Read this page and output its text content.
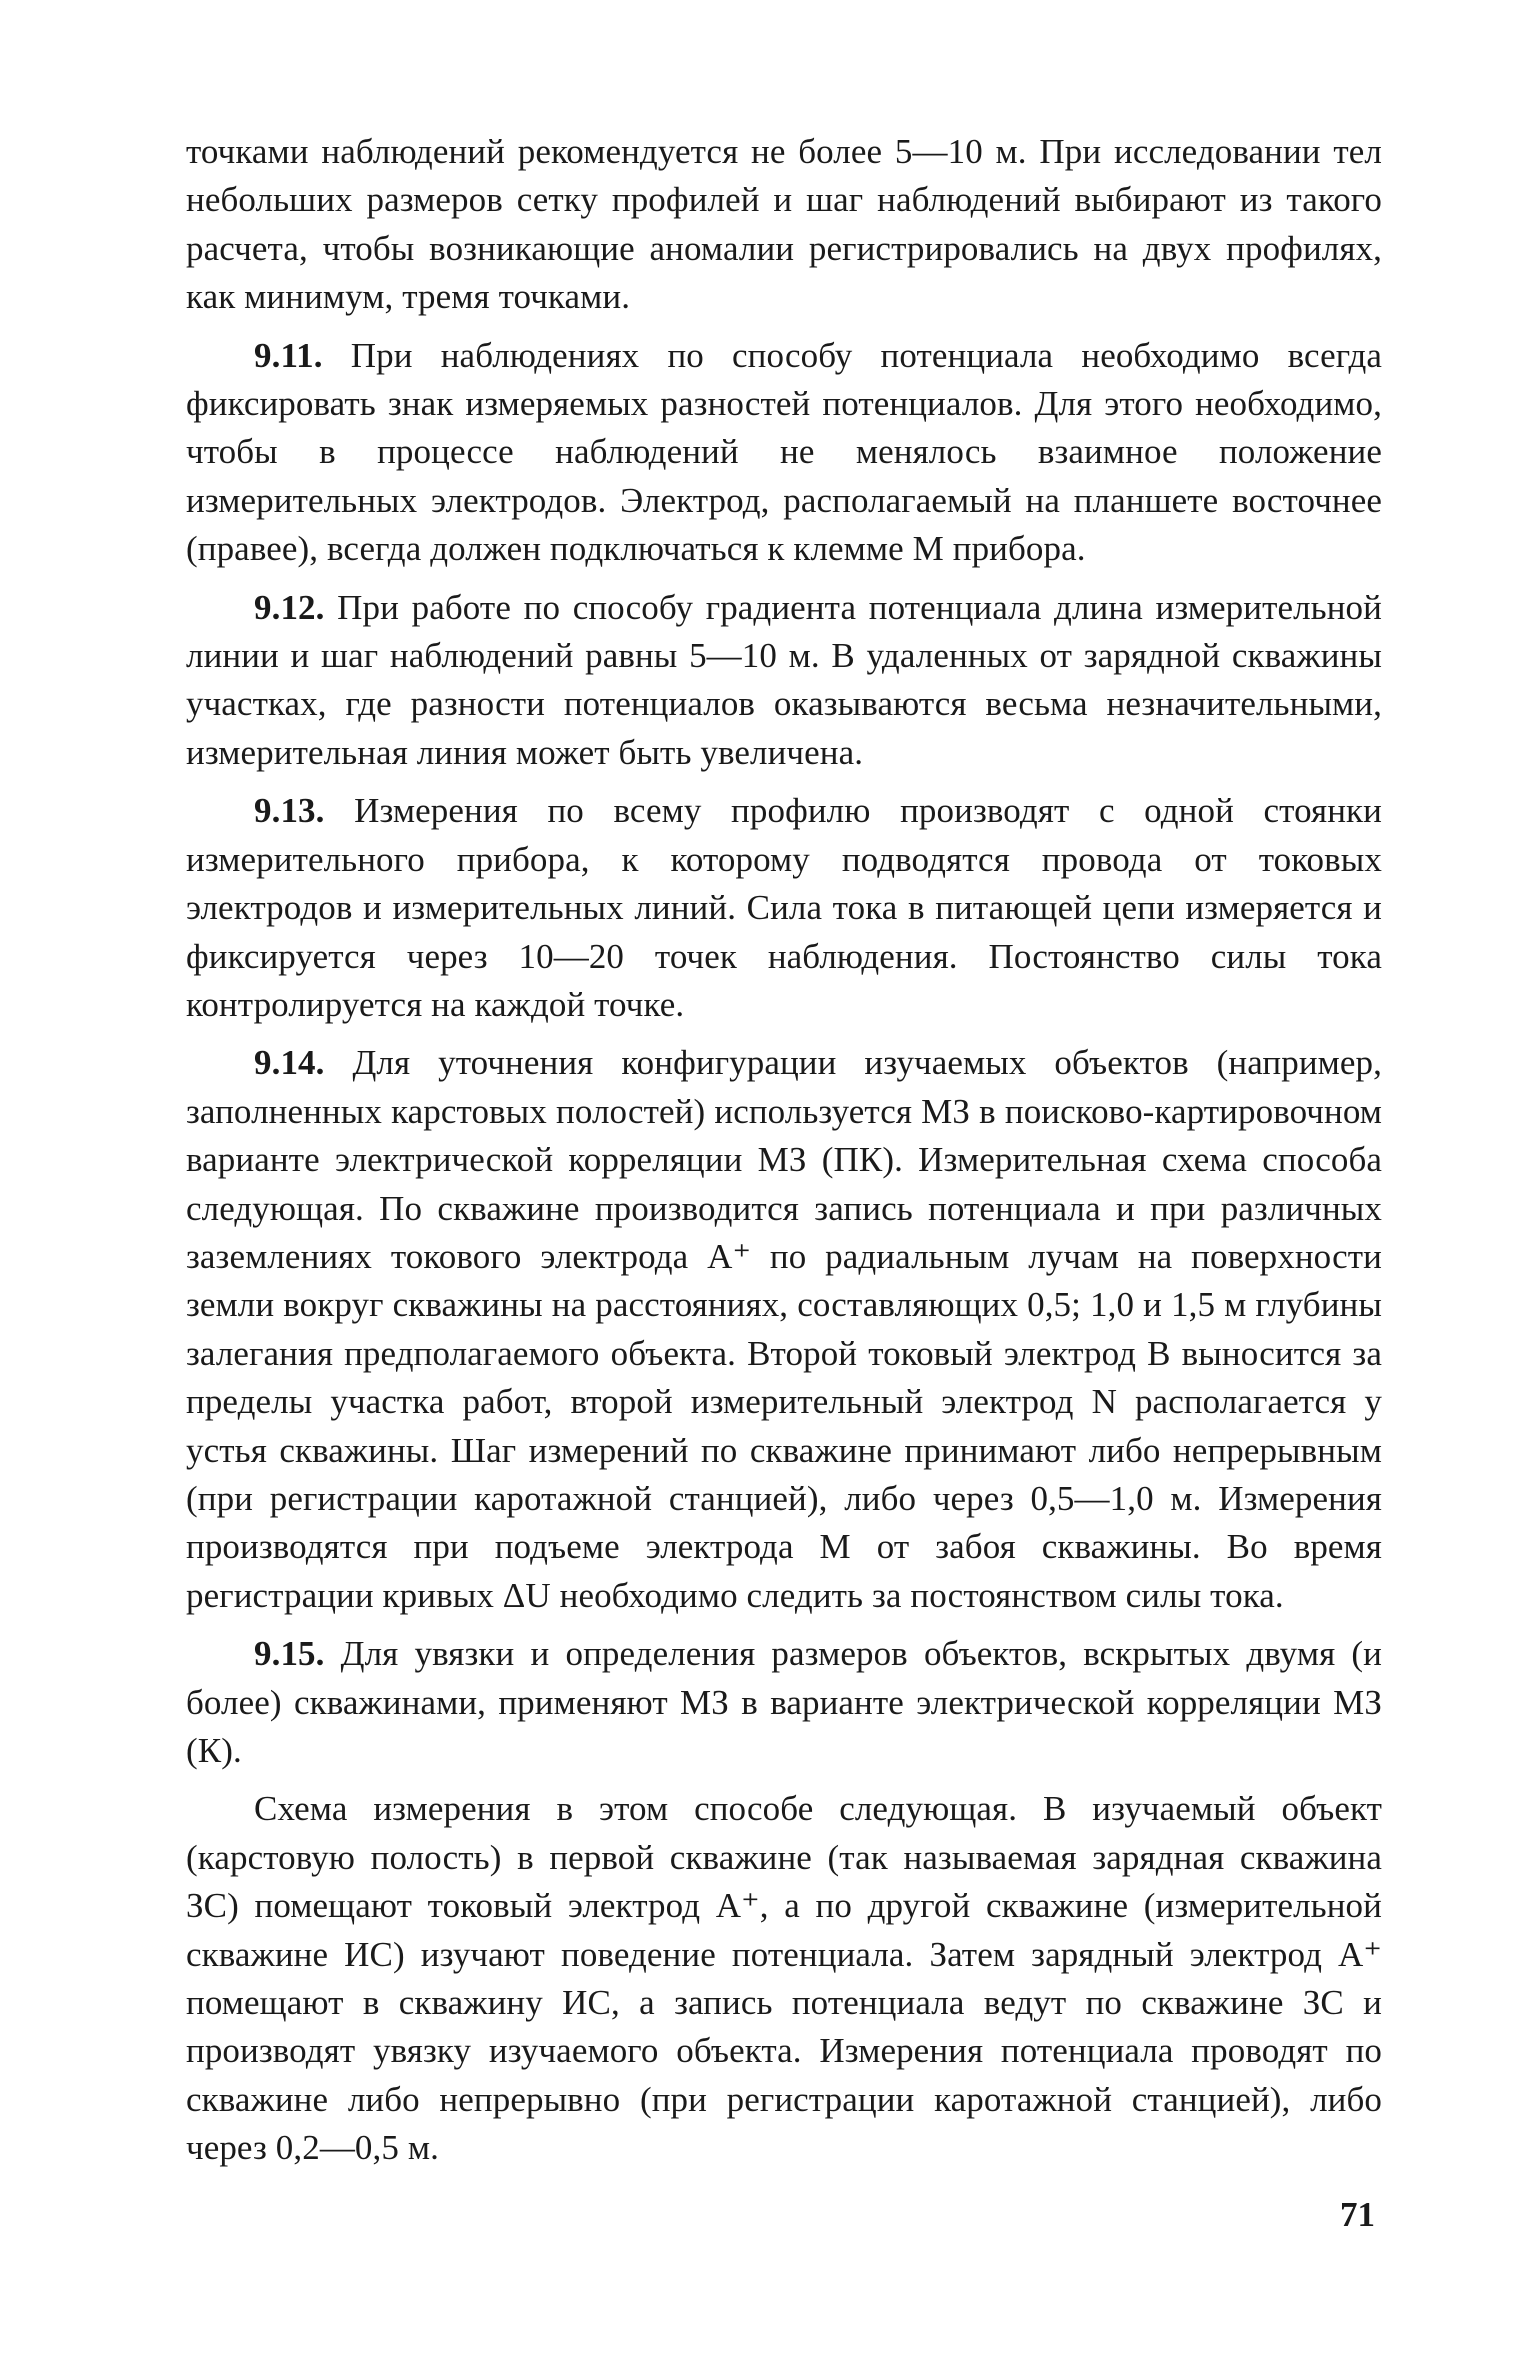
точками наблюдений рекомендуется не более 5—10 м. При исследовании тел небольших размеров сетку профилей и шаг наблюдений выбирают из такого расчета, чтобы возникающие аномалии регистрировались на двух профилях, как минимум, тремя точками.

9.11. При наблюдениях по способу потенциала необходимо всегда фиксировать знак измеряемых разностей потенциалов. Для этого необходимо, чтобы в процессе наблюдений не менялось взаимное положение измерительных электродов. Электрод, располагаемый на планшете восточнее (правее), всегда должен подключаться к клемме М прибора.

9.12. При работе по способу градиента потенциала длина измерительной линии и шаг наблюдений равны 5—10 м. В удаленных от зарядной скважины участках, где разности потенциалов оказываются весьма незначительными, измерительная линия может быть увеличена.

9.13. Измерения по всему профилю производят с одной стоянки измерительного прибора, к которому подводятся провода от токовых электродов и измерительных линий. Сила тока в питающей цепи измеряется и фиксируется через 10—20 точек наблюдения. Постоянство силы тока контролируется на каждой точке.

9.14. Для уточнения конфигурации изучаемых объектов (например, заполненных карстовых полостей) используется МЗ в поисково-картировочном варианте электрической корреляции МЗ (ПК). Измерительная схема способа следующая. По скважине производится запись потенциала и при различных заземлениях токового электрода А⁺ по радиальным лучам на поверхности земли вокруг скважины на расстояниях, составляющих 0,5; 1,0 и 1,5 м глубины залегания предполагаемого объекта. Второй токовый электрод В выносится за пределы участка работ, второй измерительный электрод N располагается у устья скважины. Шаг измерений по скважине принимают либо непрерывным (при регистрации каротажной станцией), либо через 0,5—1,0 м. Измерения производятся при подъеме электрода М от забоя скважины. Во время регистрации кривых ΔU необходимо следить за постоянством силы тока.

9.15. Для увязки и определения размеров объектов, вскрытых двумя (и более) скважинами, применяют МЗ в варианте электрической корреляции МЗ (К).

Схема измерения в этом способе следующая. В изучаемый объект (карстовую полость) в первой скважине (так называемая зарядная скважина ЗС) помещают токовый электрод А⁺, а по другой скважине (измерительной скважине ИС) изучают поведение потенциала. Затем зарядный электрод А⁺ помещают в скважину ИС, а запись потенциала ведут по скважине ЗС и производят увязку изучаемого объекта. Измерения потенциала проводят по скважине либо непрерывно (при регистрации каротажной станцией), либо через 0,2—0,5 м.

71
